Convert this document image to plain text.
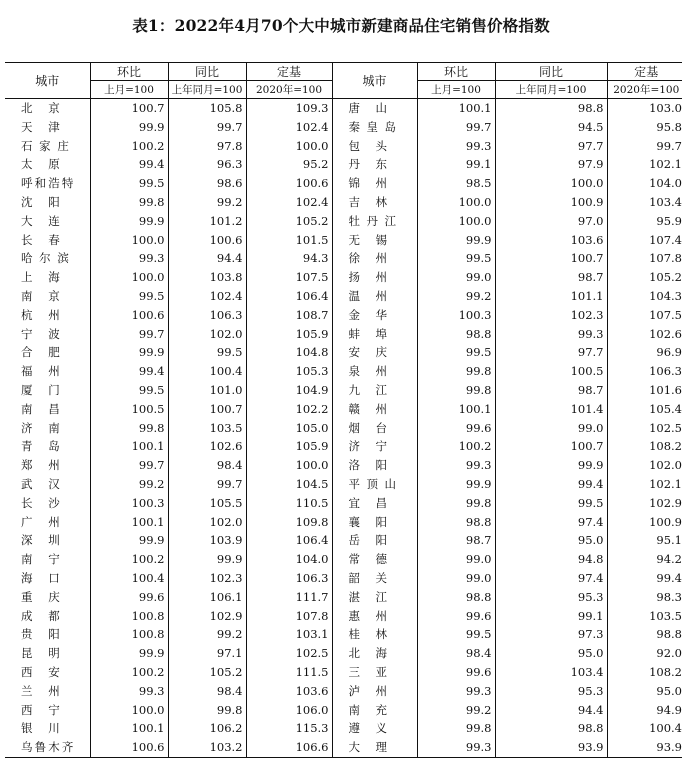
表1：2022年4月70个大中城市新建商品住宅销售价格指数
城市	环比	同比	定基	城市	环比	同比	定基
	上月=100	上年同月=100	2020年=100		上月=100	上年同月=100	2020年=100

北 京	100.7	105.8	109.3	唐 山	100.1	98.8	103.0

天 津	99.9	99.7	102.4	秦 皇 岛	99.7	94.5	95.8

石 家 庄	100.2	97.8	100.0	包 头	99.3	97.7	99.7

太 原	99.4	96.3	95.2	丹 东	99.1	97.9	102.1

呼 和 浩 特	99.5	98.6	100.6	锦 州	98.5	100.0	104.0

沈 阳	99.8	99.2	102.4	吉 林	100.0	100.9	103.4

大 连	99.9	101.2	105.2	牡 丹 江	100.0	97.0	95.9

长 春	100.0	100.6	101.5	无 锡	99.9	103.6	107.4

哈 尔 滨	99.3	94.4	94.3	徐 州	99.5	100.7	107.8

上 海	100.0	103.8	107.5	扬 州	99.0	98.7	105.2

南 京	99.5	102.4	106.4	温 州	99.2	101.1	104.3

杭 州	100.6	106.3	108.7	金 华	100.3	102.3	107.5

宁 波	99.7	102.0	105.9	蚌 埠	98.8	99.3	102.6

合 肥	99.9	99.5	104.8	安 庆	99.5	97.7	96.9

福 州	99.4	100.4	105.3	泉 州	99.8	100.5	106.3

厦 门	99.5	101.0	104.9	九 江	99.8	98.7	101.6

南 昌	100.5	100.7	102.2	赣 州	100.1	101.4	105.4

济 南	99.8	103.5	105.0	烟 台	99.6	99.0	102.5

青 岛	100.1	102.6	105.9	济 宁	100.2	100.7	108.2

郑 州	99.7	98.4	100.0	洛 阳	99.3	99.9	102.0

武 汉	99.2	99.7	104.5	平 顶 山	99.9	99.4	102.1

长 沙	100.3	105.5	110.5	宜 昌	99.8	99.5	102.9

广 州	100.1	102.0	109.8	襄 阳	98.8	97.4	100.9

深 圳	99.9	103.9	106.4	岳 阳	98.7	95.0	95.1

南 宁	100.2	99.9	104.0	常 德	99.0	94.8	94.2

海 口	100.4	102.3	106.3	韶 关	99.0	97.4	99.4

重 庆	99.6	106.1	111.7	湛 江	98.8	95.3	98.3

成 都	100.8	102.9	107.8	惠 州	99.6	99.1	103.5

贵 阳	100.8	99.2	103.1	桂 林	99.5	97.3	98.8

昆 明	99.9	97.1	102.5	北 海	98.4	95.0	92.0

西 安	100.2	105.2	111.5	三 亚	99.6	103.4	108.2

兰 州	99.3	98.4	103.6	泸 州	99.3	95.3	95.0

西 宁	100.0	99.8	106.0	南 充	99.2	94.4	94.9

银 川	100.1	106.2	115.3	遵 义	99.8	98.8	100.4

乌 鲁 木 齐	100.6	103.2	106.6	大 理	99.3	93.9	93.9
